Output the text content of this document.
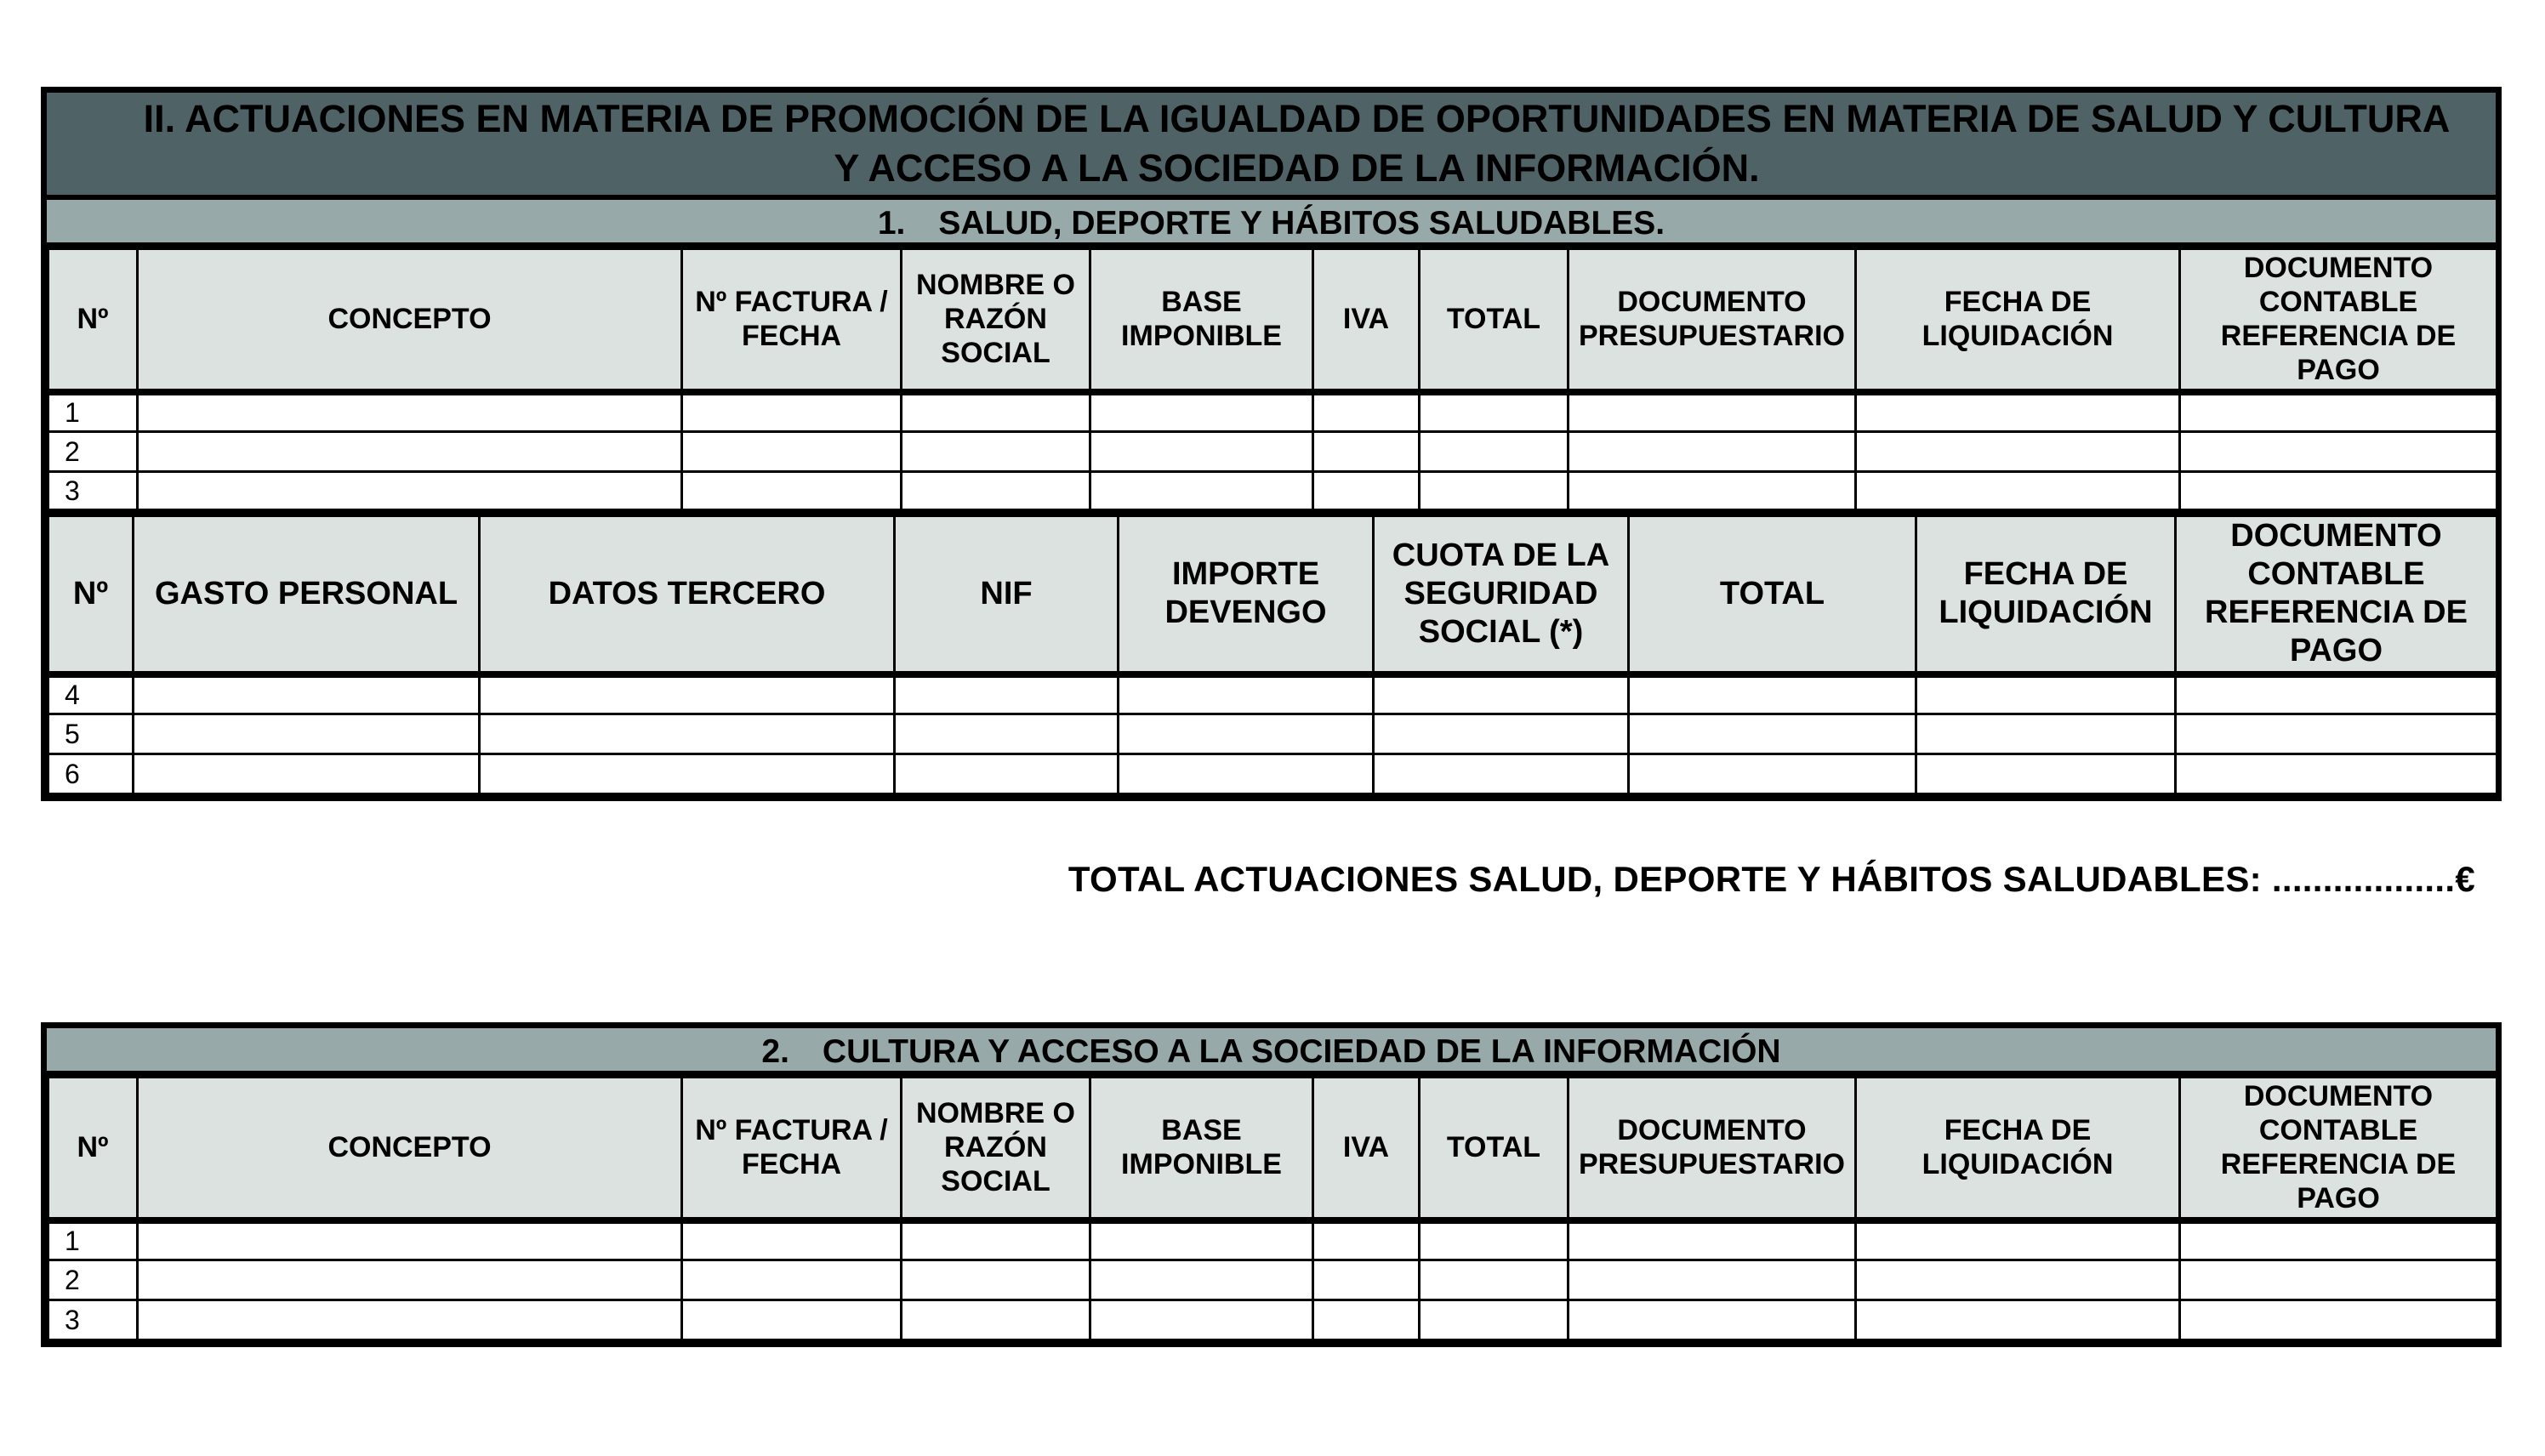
II. ACTUACIONES EN MATERIA DE PROMOCIÓN DE LA IGUALDAD DE OPORTUNIDADES EN MATERIA DE SALUD Y CULTURA Y ACCESO A LA SOCIEDAD DE LA INFORMACIÓN.
1. SALUD, DEPORTE Y HÁBITOS SALUDABLES.
Nº	CONCEPTO	Nº FACTURA / FECHA	NOMBRE O RAZÓN SOCIAL	BASE IMPONIBLE	IVA	TOTAL	DOCUMENTO PRESUPUESTARIO	FECHA DE LIQUIDACIÓN	DOCUMENTO CONTABLE REFERENCIA DE PAGO
1									
2									
3									
Nº	GASTO PERSONAL	DATOS TERCERO	NIF	IMPORTE DEVENGO	CUOTA DE LA SEGURIDAD SOCIAL (*)	TOTAL	FECHA DE LIQUIDACIÓN	DOCUMENTO CONTABLE REFERENCIA DE PAGO
4								
5								
6								
TOTAL ACTUACIONES SALUD, DEPORTE Y HÁBITOS SALUDABLES: ..................€
2. CULTURA Y ACCESO A LA SOCIEDAD DE LA INFORMACIÓN
Nº	CONCEPTO	Nº FACTURA / FECHA	NOMBRE O RAZÓN SOCIAL	BASE IMPONIBLE	IVA	TOTAL	DOCUMENTO PRESUPUESTARIO	FECHA DE LIQUIDACIÓN	DOCUMENTO CONTABLE REFERENCIA DE PAGO
1									
2									
3									
